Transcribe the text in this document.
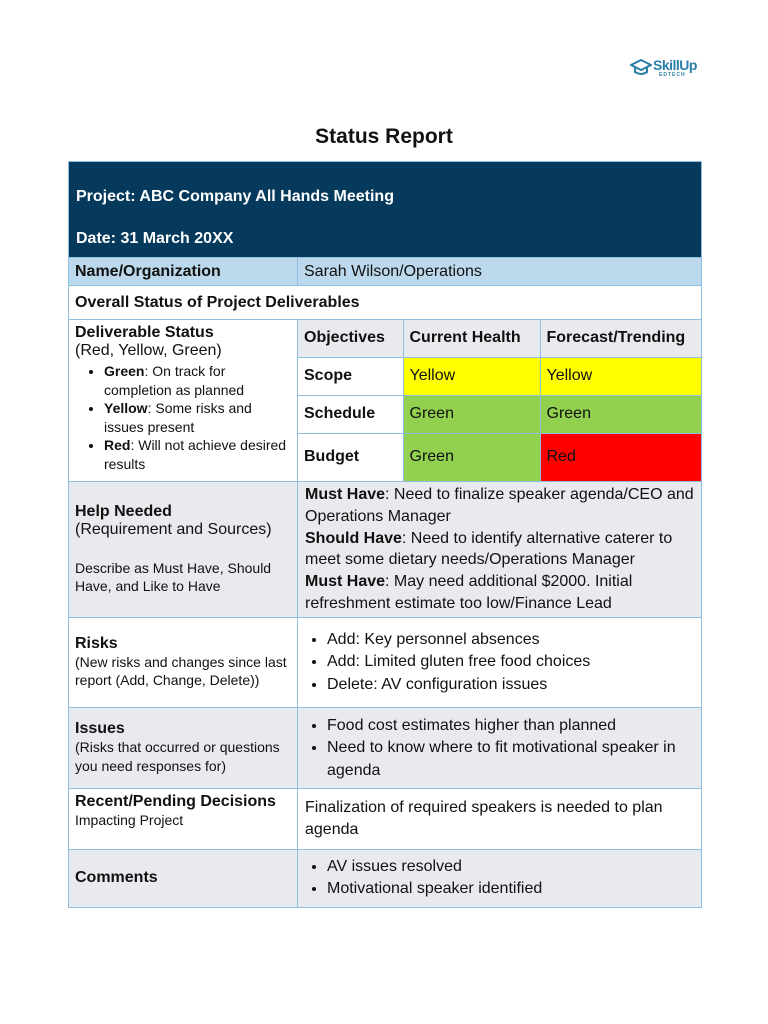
SkillUp
EDTECH
Status Report
Project: ABC Company All Hands Meeting
Date: 31 March 20XX

Name/Organization	Sarah Wilson/Operations
Overall Status of Project Deliverables

Deliverable Status
(Red, Yellow, Green)
• Green: On track for completion as planned
• Yellow: Some risks and issues present
• Red: Will not achieve desired results

Objectives	Current Health	Forecast/Trending
Scope	Yellow	Yellow
Schedule	Green	Green
Budget	Green	Red

Help Needed
(Requirement and Sources)
Describe as Must Have, Should Have, and Like to Have

Must Have: Need to finalize speaker agenda/CEO and Operations Manager
Should Have: Need to identify alternative caterer to meet some dietary needs/Operations Manager
Must Have: May need additional $2000. Initial refreshment estimate too low/Finance Lead

Risks
(New risks and changes since last report (Add, Change, Delete))

• Add: Key personnel absences
• Add: Limited gluten free food choices
• Delete: AV configuration issues

Issues
(Risks that occurred or questions you need responses for)

• Food cost estimates higher than planned
• Need to know where to fit motivational speaker in agenda

Recent/Pending Decisions
Impacting Project
	Finalization of required speakers is needed to plan agenda

Comments

• AV issues resolved
• Motivational speaker identified
